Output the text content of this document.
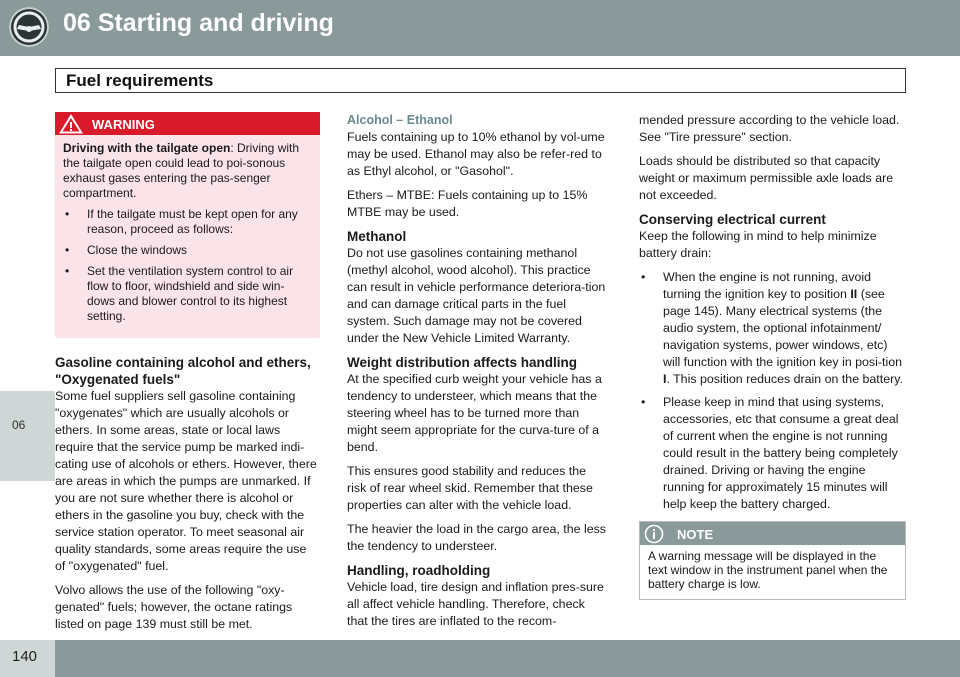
06 Starting and driving
06
Fuel requirements
WARNING
Driving with the tailgate open: Driving with the tailgate open could lead to poi-sonous exhaust gases entering the pas-senger compartment.
• If the tailgate must be kept open for any reason, proceed as follows:
• Close the windows
• Set the ventilation system control to air flow to floor, windshield and side win-dows and blower control to its highest setting.
Gasoline containing alcohol and ethers, "Oxygenated fuels"

Some fuel suppliers sell gasoline containing "oxygenates" which are usually alcohols or ethers. In some areas, state or local laws require that the service pump be marked indi-cating use of alcohols or ethers. However, there are areas in which the pumps are unmarked. If you are not sure whether there is alcohol or ethers in the gasoline you buy, check with the service station operator. To meet seasonal air quality standards, some areas require the use of "oxygenated" fuel.

Volvo allows the use of the following "oxy-genated" fuels; however, the octane ratings listed on page 139 must still be met.

Alcohol – Ethanol

Fuels containing up to 10% ethanol by vol-ume may be used. Ethanol may also be refer-red to as Ethyl alcohol, or "Gasohol".

Ethers – MTBE: Fuels containing up to 15% MTBE may be used.

Methanol

Do not use gasolines containing methanol (methyl alcohol, wood alcohol). This practice can result in vehicle performance deteriora-tion and can damage critical parts in the fuel system. Such damage may not be covered under the New Vehicle Limited Warranty.

Weight distribution affects handling

At the specified curb weight your vehicle has a tendency to understeer, which means that the steering wheel has to be turned more than might seem appropriate for the curva-ture of a bend.

This ensures good stability and reduces the risk of rear wheel skid. Remember that these properties can alter with the vehicle load.

The heavier the load in the cargo area, the less the tendency to understeer.

Handling, roadholding

Vehicle load, tire design and inflation pres-sure all affect vehicle handling. Therefore, check that the tires are inflated to the recom-

mended pressure according to the vehicle load. See "Tire pressure" section.

Loads should be distributed so that capacity weight or maximum permissible axle loads are not exceeded.

Conserving electrical current

Keep the following in mind to help minimize battery drain:

• When the engine is not running, avoid turning the ignition key to position II (see page 145). Many electrical systems (the audio system, the optional infotainment/ navigation systems, power windows, etc) will function with the ignition key in posi-tion I. This position reduces drain on the battery.
• Please keep in mind that using systems, accessories, etc that consume a great deal of current when the engine is not running could result in the battery being completely drained. Driving or having the engine running for approximately 15 minutes will help keep the battery charged.
NOTE
A warning message will be displayed in the text window in the instrument panel when the battery charge is low.
140
